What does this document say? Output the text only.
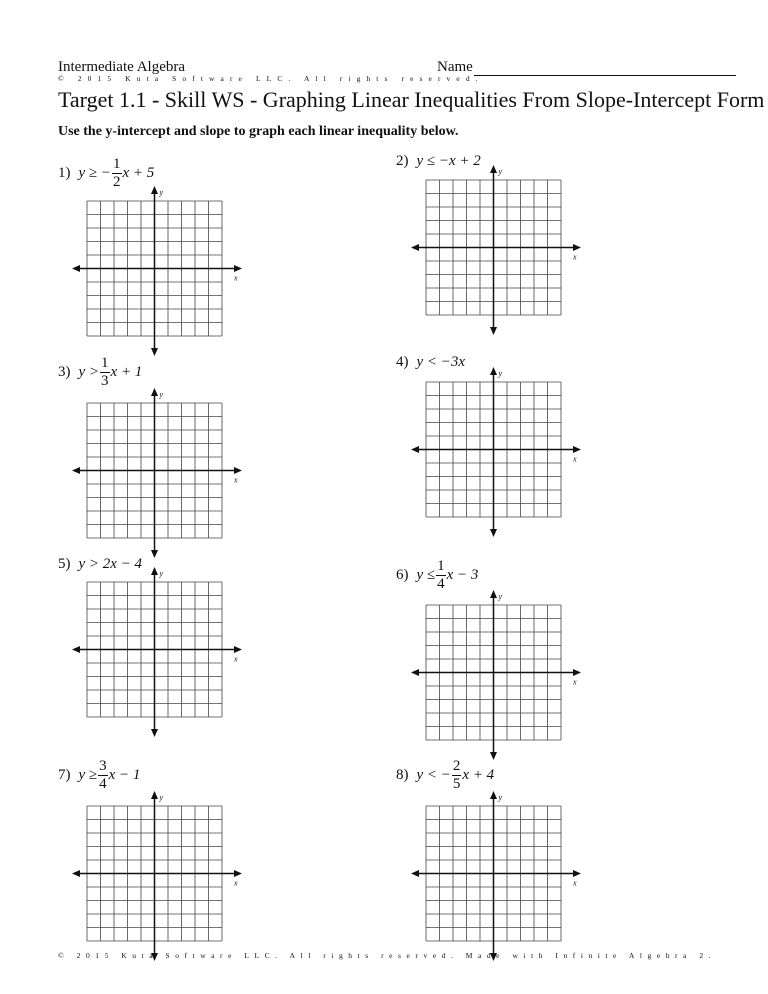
Intermediate Algebra	Name
© 2015 Kuta Software LLC. All rights reserved.
Target 1.1 - Skill WS - Graphing Linear Inequalities From Slope-Intercept Form
Use the y-intercept and slope to graph each linear inequality below.
1) y ≥ − $\frac{1}{2}$ x + 5
x
y
2) y ≤ −x + 2
x
y
3) $y > \frac{1}{3}$ x + 1
x
y
4) y < −3x
x
y
5) y > 2x − 4
x
y	6) $y \le \frac{1}{4}$ x − 3
x
y
7) $y \ge \frac{3}{4}$ x − 1
x
y
8) y < − $\frac{2}{5}$ x + 4
x
y
© 2015 Kuta Software LLC. All rights reserved. Made with Infinite Algebra 2.
